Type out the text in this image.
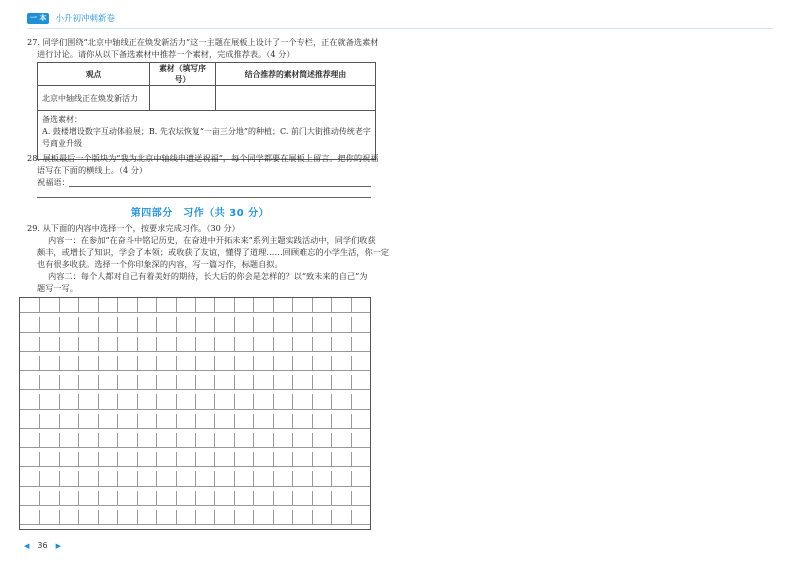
一 本	小升初冲刺新卷
27. 同学们围绕“北京中轴线正在焕发新活力”这一主题在展板上设计了一个专栏，正在就备选素材
进行讨论。请你从以下备选素材中推荐一个素材，完成推荐表。（4 分）
观点	素材（填写序号）	结合推荐的素材简述推荐理由
北京中轴线正在焕发新活力		

备选素材：
A. 鼓楼增设数字互动体验展；B. 先农坛恢复“一亩三分地”的种植；C. 前门大街推动传统老字
号商业升级		
28. 展板最后一个版块为“我为北京中轴线申遗送祝福”，每个同学都要在展板上留言。把你的祝福
语写在下面的横线上。（4 分）
祝福语：
第四部分　习作（共 30 分）
29. 从下面的内容中选择一个，按要求完成习作。（30 分）
内容一：在参加“在奋斗中铭记历史，在奋进中开拓未来”系列主题实践活动中，同学们收获
颇丰，或增长了知识，学会了本领；或收获了友谊，懂得了道理……回顾难忘的小学生活，你一定
也有很多收获。选择一个你印象深的内容，写一篇习作，标题自拟。
内容二：每个人都对自己有着美好的期待，长大后的你会是怎样的？以“致未来的自己”为
题写一写。
◀ 36 ▶
